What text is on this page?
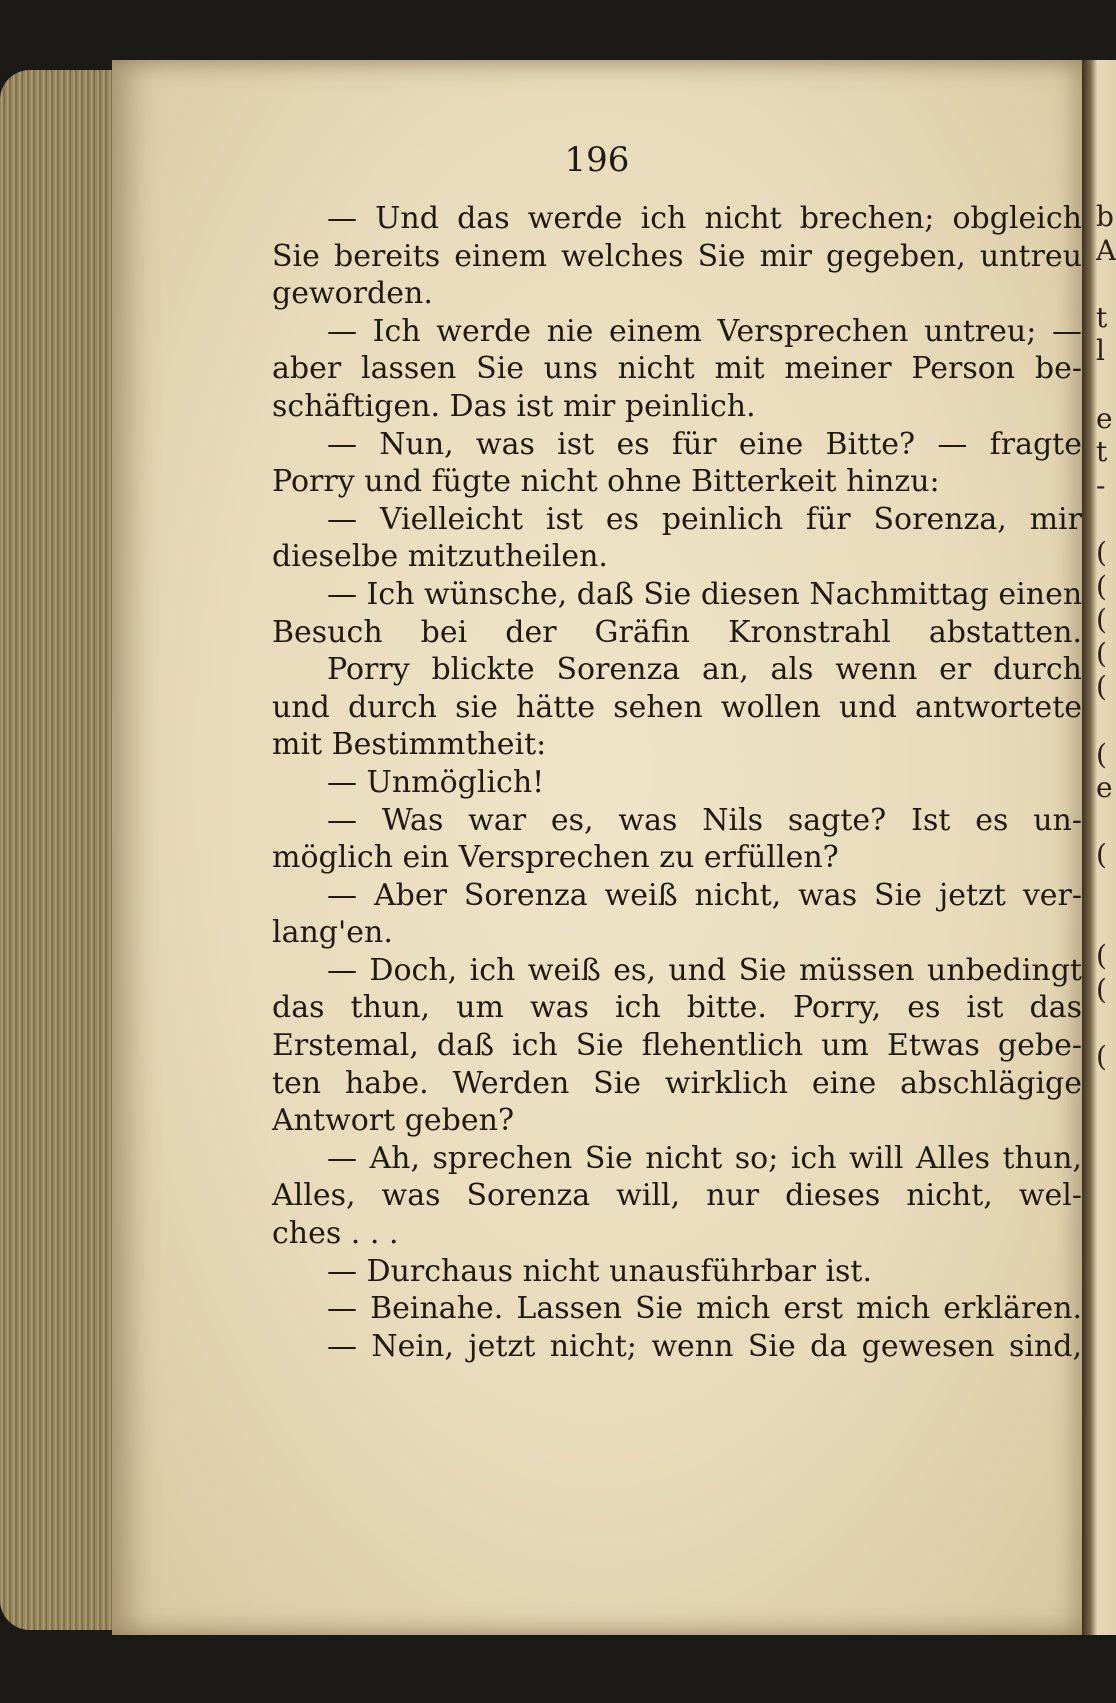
196
— Und das werde ich nicht brechen; obgleich
Sie bereits einem welches Sie mir gegeben, untreu
geworden.
— Ich werde nie einem Versprechen untreu; —
aber lassen Sie uns nicht mit meiner Person be-
schäftigen. Das ist mir peinlich.
— Nun, was ist es für eine Bitte? — fragte
Porry und fügte nicht ohne Bitterkeit hinzu:
— Vielleicht ist es peinlich für Sorenza, mir
dieselbe mitzutheilen.
— Ich wünsche, daß Sie diesen Nachmittag einen
Besuch bei der Gräfin Kronstrahl abstatten.
Porry blickte Sorenza an, als wenn er durch
und durch sie hätte sehen wollen und antwortete
mit Bestimmtheit:
— Unmöglich!
— Was war es, was Nils sagte? Ist es un-
möglich ein Versprechen zu erfüllen?
— Aber Sorenza weiß nicht, was Sie jetzt ver-
lang'en.
— Doch, ich weiß es, und Sie müssen unbedingt
das thun, um was ich bitte. Porry, es ist das
Erstemal, daß ich Sie flehentlich um Etwas gebe-
ten habe. Werden Sie wirklich eine abschlägige
Antwort geben?
— Ah, sprechen Sie nicht so; ich will Alles thun,
Alles, was Sorenza will, nur dieses nicht, wel-
ches . . .
— Durchaus nicht unausführbar ist.
— Beinahe. Lassen Sie mich erst mich erklären.
— Nein, jetzt nicht; wenn Sie da gewesen sind,
b
A

t
l

e
t
-

(
(
(
(
(

(
e

(

(
(

(
